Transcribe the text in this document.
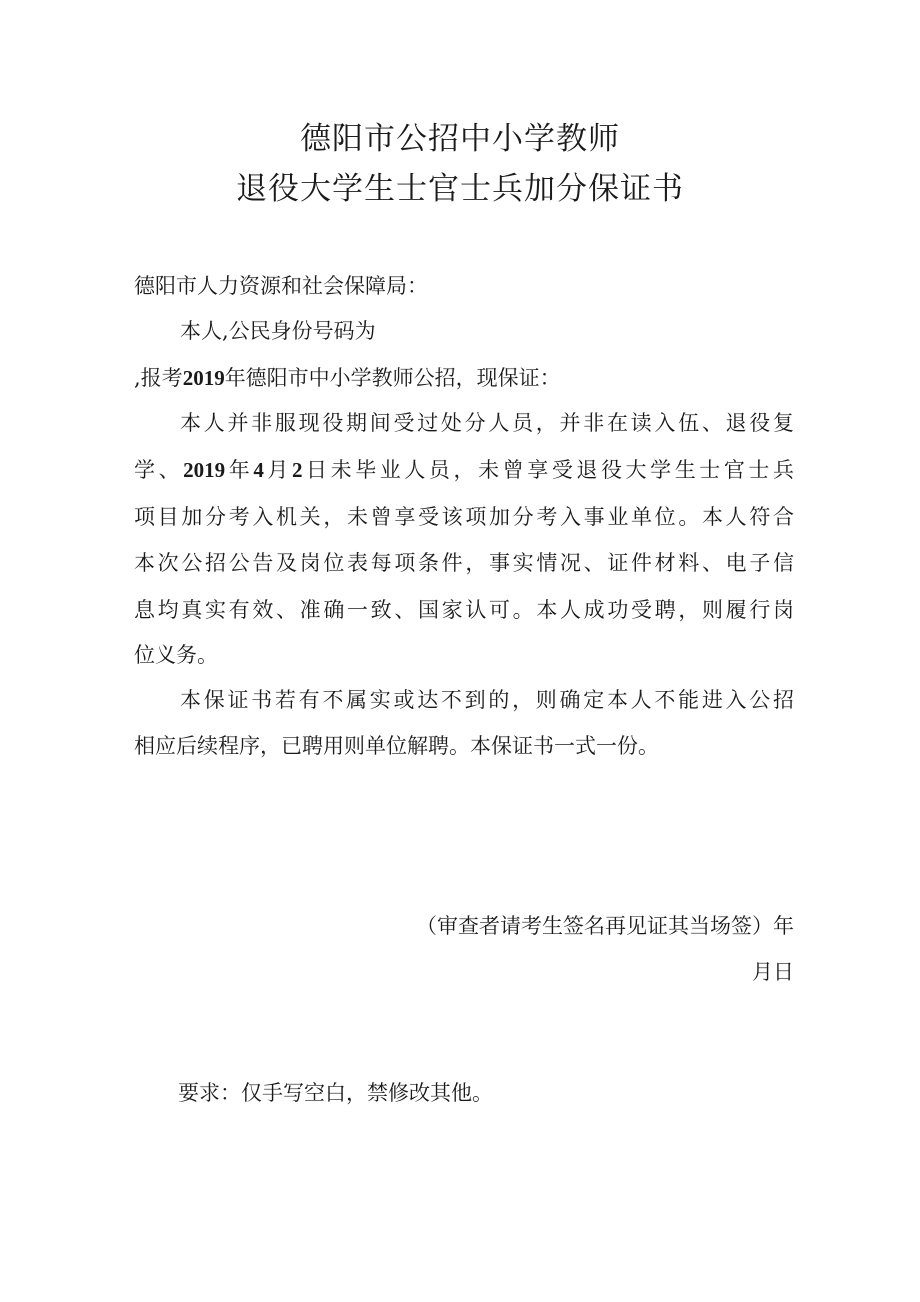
德阳市公招中小学教师
退役大学生士官士兵加分保证书
德阳市人力资源和社会保障局：
本人,公民身份号码为
,报考2019年德阳市中小学教师公招，现保证：
本人并非服现役期间受过处分人员，并非在读入伍、退役复
学、2019年4月2日未毕业人员，未曾享受退役大学生士官士兵
项目加分考入机关，未曾享受该项加分考入事业单位。本人符合
本次公招公告及岗位表每项条件，事实情况、证件材料、电子信
息均真实有效、准确一致、国家认可。本人成功受聘，则履行岗
位义务。
本保证书若有不属实或达不到的，则确定本人不能进入公招
相应后续程序，已聘用则单位解聘。本保证书一式一份。
（审查者请考生签名再见证其当场签）年
月日
要求：仅手写空白，禁修改其他。
